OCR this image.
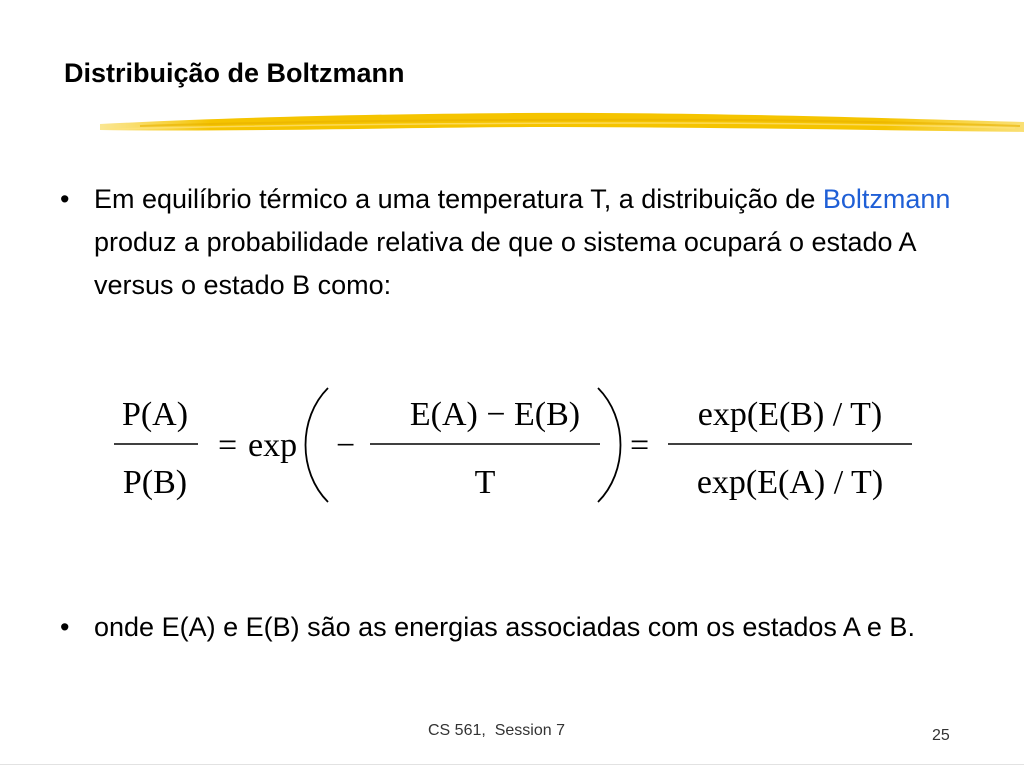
Distribuição de Boltzmann
• Em equilíbrio térmico a uma temperatura T, a distribuição de Boltzmann  produz a probabilidade relativa de que o sistema ocupará o estado A versus o estado B como:
P(A)
P(B)
= exp −
E(A) − E(B)
T
=
exp(E(B) / T)
exp(E(A) / T)
• onde E(A) e E(B) são as energias associadas com os estados A e B.
CS 561,  Session 7	25
